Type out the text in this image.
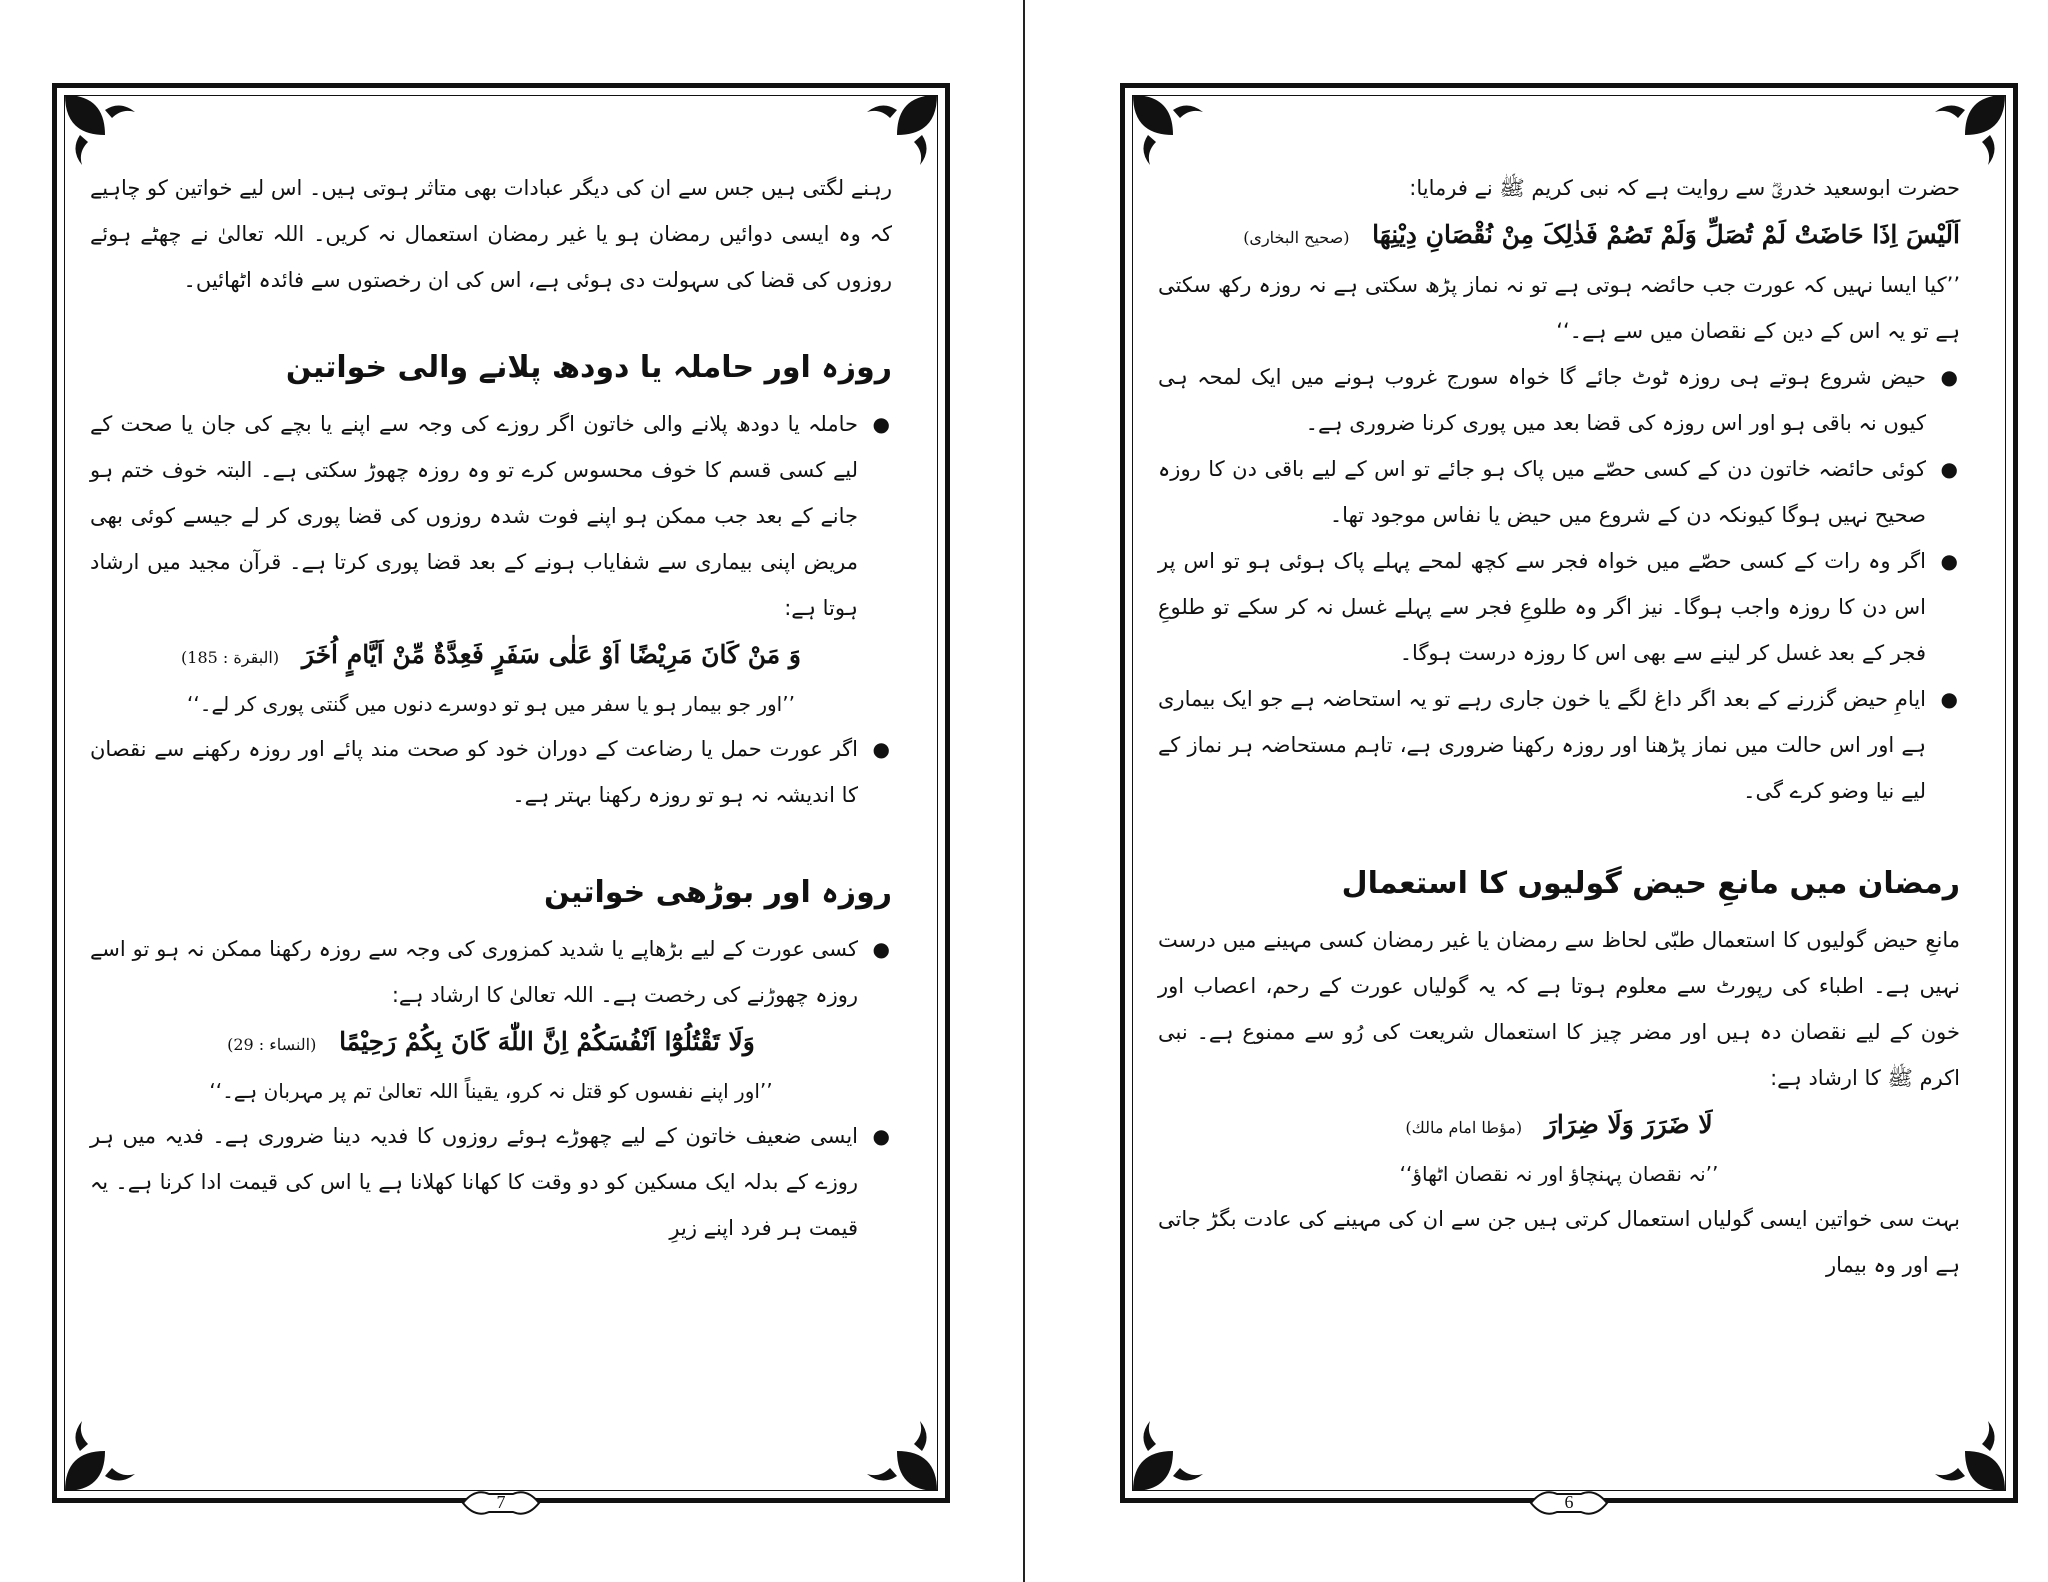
رہنے لگتی ہیں جس سے ان کی دیگر عبادات بھی متاثر ہوتی ہیں۔ اس لیے خواتین کو چاہیے کہ وہ ایسی دوائیں رمضان ہو یا غیر رمضان استعمال نہ کریں۔ اللہ تعالیٰ نے چھٹے ہوئے روزوں کی قضا کی سہولت دی ہوئی ہے، اس کی ان رخصتوں سے فائدہ اٹھائیں۔

روزہ اور حاملہ یا دودھ پلانے والی خواتین

● حاملہ یا دودھ پلانے والی خاتون اگر روزے کی وجہ سے اپنے یا بچے کی جان یا صحت کے لیے کسی قسم کا خوف محسوس کرے تو وہ روزہ چھوڑ سکتی ہے۔ البتہ خوف ختم ہو جانے کے بعد جب ممکن ہو اپنے فوت شدہ روزوں کی قضا پوری کر لے جیسے کوئی بھی مریض اپنی بیماری سے شفایاب ہونے کے بعد قضا پوری کرتا ہے۔ قرآن مجید میں ارشاد ہوتا ہے:

وَ مَنْ كَانَ مَرِیْضًا اَوْ عَلٰى سَفَرٍ فَعِدَّةٌ مِّنْ اَیَّامٍ اُخَرَ (البقرة : 185)

’’اور جو بیمار ہو یا سفر میں ہو تو دوسرے دنوں میں گنتی پوری کر لے۔‘‘

● اگر عورت حمل یا رضاعت کے دوران خود کو صحت مند پائے اور روزہ رکھنے سے نقصان کا اندیشہ نہ ہو تو روزہ رکھنا بہتر ہے۔

روزہ اور بوڑھی خواتین

● کسی عورت کے لیے بڑھاپے یا شدید کمزوری کی وجہ سے روزہ رکھنا ممکن نہ ہو تو اسے روزہ چھوڑنے کی رخصت ہے۔ اللہ تعالیٰ کا ارشاد ہے:

وَلَا تَقْتُلُوْٓا اَنْفُسَكُمْ اِنَّ اللّٰهَ كَانَ بِكُمْ رَحِیْمًا (النساء : 29)

’’اور اپنے نفسوں کو قتل نہ کرو، یقیناً اللہ تعالیٰ تم پر مہربان ہے۔‘‘

● ایسی ضعیف خاتون کے لیے چھوڑے ہوئے روزوں کا فدیہ دینا ضروری ہے۔ فدیہ میں ہر روزے کے بدلہ ایک مسکین کو دو وقت کا کھانا کھلانا ہے یا اس کی قیمت ادا کرنا ہے۔ یہ قیمت ہر فرد اپنے زیرِ

7

حضرت ابوسعید خدریؓ سے روایت ہے کہ نبی کریم ﷺ نے فرمایا:

اَلَیْسَ اِذَا حَاضَتْ لَمْ تُصَلِّ وَلَمْ تَصُمْ فَذٰلِکَ مِنْ نُقْصَانِ دِیْنِھَا (صحیح البخاری)

’’کیا ایسا نہیں کہ عورت جب حائضہ ہوتی ہے تو نہ نماز پڑھ سکتی ہے نہ روزہ رکھ سکتی ہے تو یہ اس کے دین کے نقصان میں سے ہے۔‘‘

● حیض شروع ہوتے ہی روزہ ٹوٹ جائے گا خواہ سورج غروب ہونے میں ایک لمحہ ہی کیوں نہ باقی ہو اور اس روزہ کی قضا بعد میں پوری کرنا ضروری ہے۔

● کوئی حائضہ خاتون دن کے کسی حصّے میں پاک ہو جائے تو اس کے لیے باقی دن کا روزہ صحیح نہیں ہوگا کیونکہ دن کے شروع میں حیض یا نفاس موجود تھا۔

● اگر وہ رات کے کسی حصّے میں خواہ فجر سے کچھ لمحے پہلے پاک ہوئی ہو تو اس پر اس دن کا روزہ واجب ہوگا۔ نیز اگر وہ طلوعِ فجر سے پہلے غسل نہ کر سکے تو طلوعِ فجر کے بعد غسل کر لینے سے بھی اس کا روزہ درست ہوگا۔

● ایامِ حیض گزرنے کے بعد اگر داغ لگے یا خون جاری رہے تو یہ استحاضہ ہے جو ایک بیماری ہے اور اس حالت میں نماز پڑھنا اور روزہ رکھنا ضروری ہے، تاہم مستحاضہ ہر نماز کے لیے نیا وضو کرے گی۔

رمضان میں مانعِ حیض گولیوں کا استعمال

مانعِ حیض گولیوں کا استعمال طبّی لحاظ سے رمضان یا غیر رمضان کسی مہینے میں درست نہیں ہے۔ اطباء کی رپورٹ سے معلوم ہوتا ہے کہ یہ گولیاں عورت کے رحم، اعصاب اور خون کے لیے نقصان دہ ہیں اور مضر چیز کا استعمال شریعت کی رُو سے ممنوع ہے۔ نبی اکرم ﷺ کا ارشاد ہے:

لَا ضَرَرَ وَلَا ضِرَارَ (مؤطا امام مالك)

’’نہ نقصان پہنچاؤ اور نہ نقصان اٹھاؤ‘‘

بہت سی خواتین ایسی گولیاں استعمال کرتی ہیں جن سے ان کی مہینے کی عادت بگڑ جاتی ہے اور وہ بیمار

6
